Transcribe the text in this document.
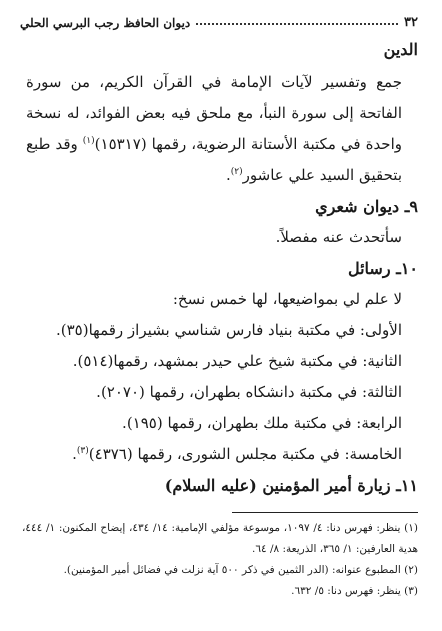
٣٢
ديوان الحافظ رجب البرسي الحلي

الدين

جمع وتفسير لآيات الإمامة في القرآن الكريم، من سورة الفاتحة إلى سورة النبأ، مع ملحق فيه بعض الفوائد، له نسخة واحدة في مكتبة الأستانة الرضوية، رقمها (١٥٣١٧)$^{(١)}$ وقد طبع بتحقيق السيد علي عاشور$^{(٢)}$.

٩ـ ديوان شعري

سأتحدث عنه مفصلاً.

١٠ـ رسائل

لا علم لي بمواضيعها، لها خمس نسخ:

الأولى: في مكتبة بنياد فارس شناسي بشيراز رقمها(٣٥).

الثانية: في مكتبة شيخ علي حيدر بمشهد، رقمها(٥١٤).

الثالثة: في مكتبة دانشكاه بطهران، رقمها (٢٠٧٠).

الرابعة: في مكتبة ملك بطهران، رقمها (١٩٥).

الخامسة: في مكتبة مجلس الشورى، رقمها (٤٣٧٦)$^{(٣)}$.

١١ـ زيارة أمير المؤمنين (عليه السلام)

(١) ينظر: فهرس دنا: ٤/ ١٠٩٧، موسوعة مؤلفي الإمامية: ١٤/ ٤٣٤، إيضاح المكنون: ١/ ٤٤٤، هدية العارفين: ١/ ٣٦٥، الذريعة: ٨/ ٦٤.

(٢) المطبوع عنوانه: (الدر الثمين في ذكر ٥٠٠ آية نزلت في فضائل أمير المؤمنين).

(٣) ينظر: فهرس دنا: ٥/ ٦٣٢.
